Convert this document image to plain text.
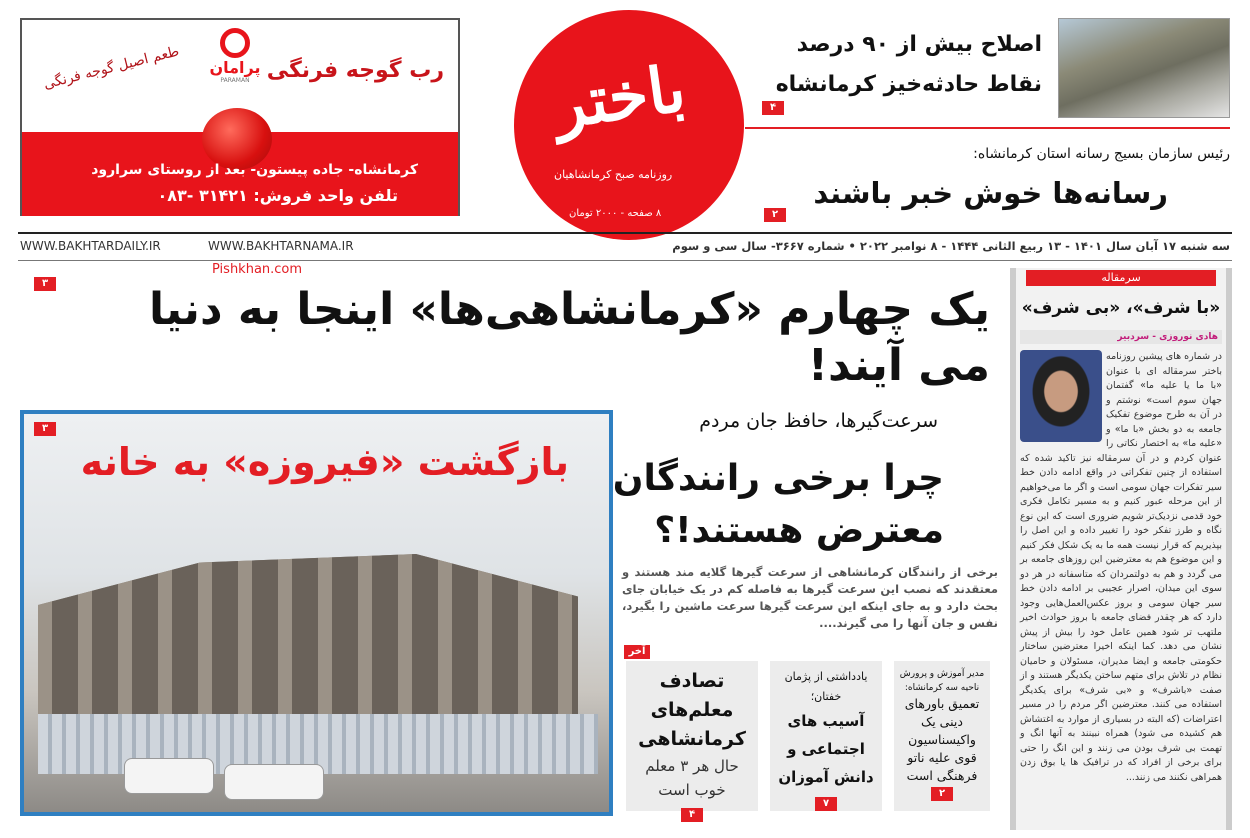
رب گوجه فرنگی
پرامان
PARAMAN
طعم اصیل گوجه فرنگی
کرمانشاه- جاده پیستون- بعد از روستای سرارود
تلفن واحد فروش: ۳۱۴۲۱ -۰۸۳
باختر
روزنامه صبح کرمانشاهیان
۸ صفحه - ۲۰۰۰ تومان
اصلاح بیش از ۹۰ درصد
نقاط حادثه‌خیز کرمانشاه
۴
رئیس سازمان بسیج رسانه استان کرمانشاه:
رسانه‌ها خوش خبر باشند
۲
سه شنبه ۱۷ آبان سال ۱۴۰۱ - ۱۳ ربیع الثانی ۱۴۴۴ - ۸ نوامبر ۲۰۲۲ • شماره ۳۶۶۷- سال سی و سوم
WWW.BAKHTARDAILY.IR	WWW.BAKHTARNAMA.IR
Pishkhan.com
۳
یک چهارم «کرمانشاهی‌ها» اینجا به دنیا می آیند!
۳
بازگشت «فیروزه» به خانه
سرعت‌گیرها، حافظ جان مردم
چرا برخی رانندگان
معترض هستند!؟
برخی از رانندگان کرمانشاهی از سرعت گیرها گلایه مند هستند و معتقدند که نصب این سرعت گیرها به فاصله کم در یک خیابان جای بحث دارد و به جای اینکه این سرعت گیرها سرعت ماشین را بگیرد، نفس و جان آنها را می گیرند....
آخر
تصادف معلم‌های کرمانشاهی
حال هر ۳ معلم خوب است
۴
یادداشتی از پژمان خفتان؛
آسیب های اجتماعی و دانش آموزان
۷
مدیر آموزش و پرورش ناحیه سه کرمانشاه:
تعمیق باورهای دینی یک واکیسناسیون قوی علیه ناتو فرهنگی است
۲
سرمقاله
«با شرف»، «بی شرف»
هادی نوروزی - سردبیر
در شماره های پیشین روزنامه باختر سرمقاله ای با عنوان «با ما یا علیه ما» گفتمان جهان سوم است» نوشتم و در آن به طرح موضوع تفکیک جامعه به دو بخش «با ما» و «علیه ما» به اختصار نکاتی را عنوان کردم و در آن سرمقاله نیز تاکید شده که استفاده از چنین تفکراتی در واقع ادامه دادن خط سیر تفکرات جهان سومی است و اگر ما می‌خواهیم از این مرحله عبور کنیم و به مسیر تکامل فکری خود قدمی نزدیک‌تر شویم ضروری است که این نوع نگاه و طرز تفکر خود را تغییر داده و این اصل را بپذیریم که قرار نیست همه ما به یک شکل فکر کنیم و این موضوع هم به معترضین این روزهای جامعه بر می گردد و هم به دولتمردان که متاسفانه در هر دو سوی این میدان، اصرار عجیبی بر ادامه دادن خط سیر جهان سومی و بروز عکس‌العمل‌هایی وجود دارد که هر چقدر فضای جامعه با بروز حوادث اخیر ملتهب تر شود همین عامل خود را بیش از پیش نشان می دهد. کما اینکه اخیرا معترضین ساختار حکومتی جامعه و ایضا مدیران، مسئولان و حامیان نظام در تلاش برای متهم ساختن یکدیگر هستند و از صفت «باشرف» و «بی شرف» برای یکدیگر استفاده می کنند. معترضین اگر مردم را در مسیر اعتراضات (که البته در بسیاری از موارد به اغتشاش هم کشیده می شود) همراه نبینند به آنها انگ و تهمت بی شرف بودن می زنند و این انگ را حتی برای برخی از افراد که در ترافیک ها یا بوق زدن همراهی نکنند می زنند...
